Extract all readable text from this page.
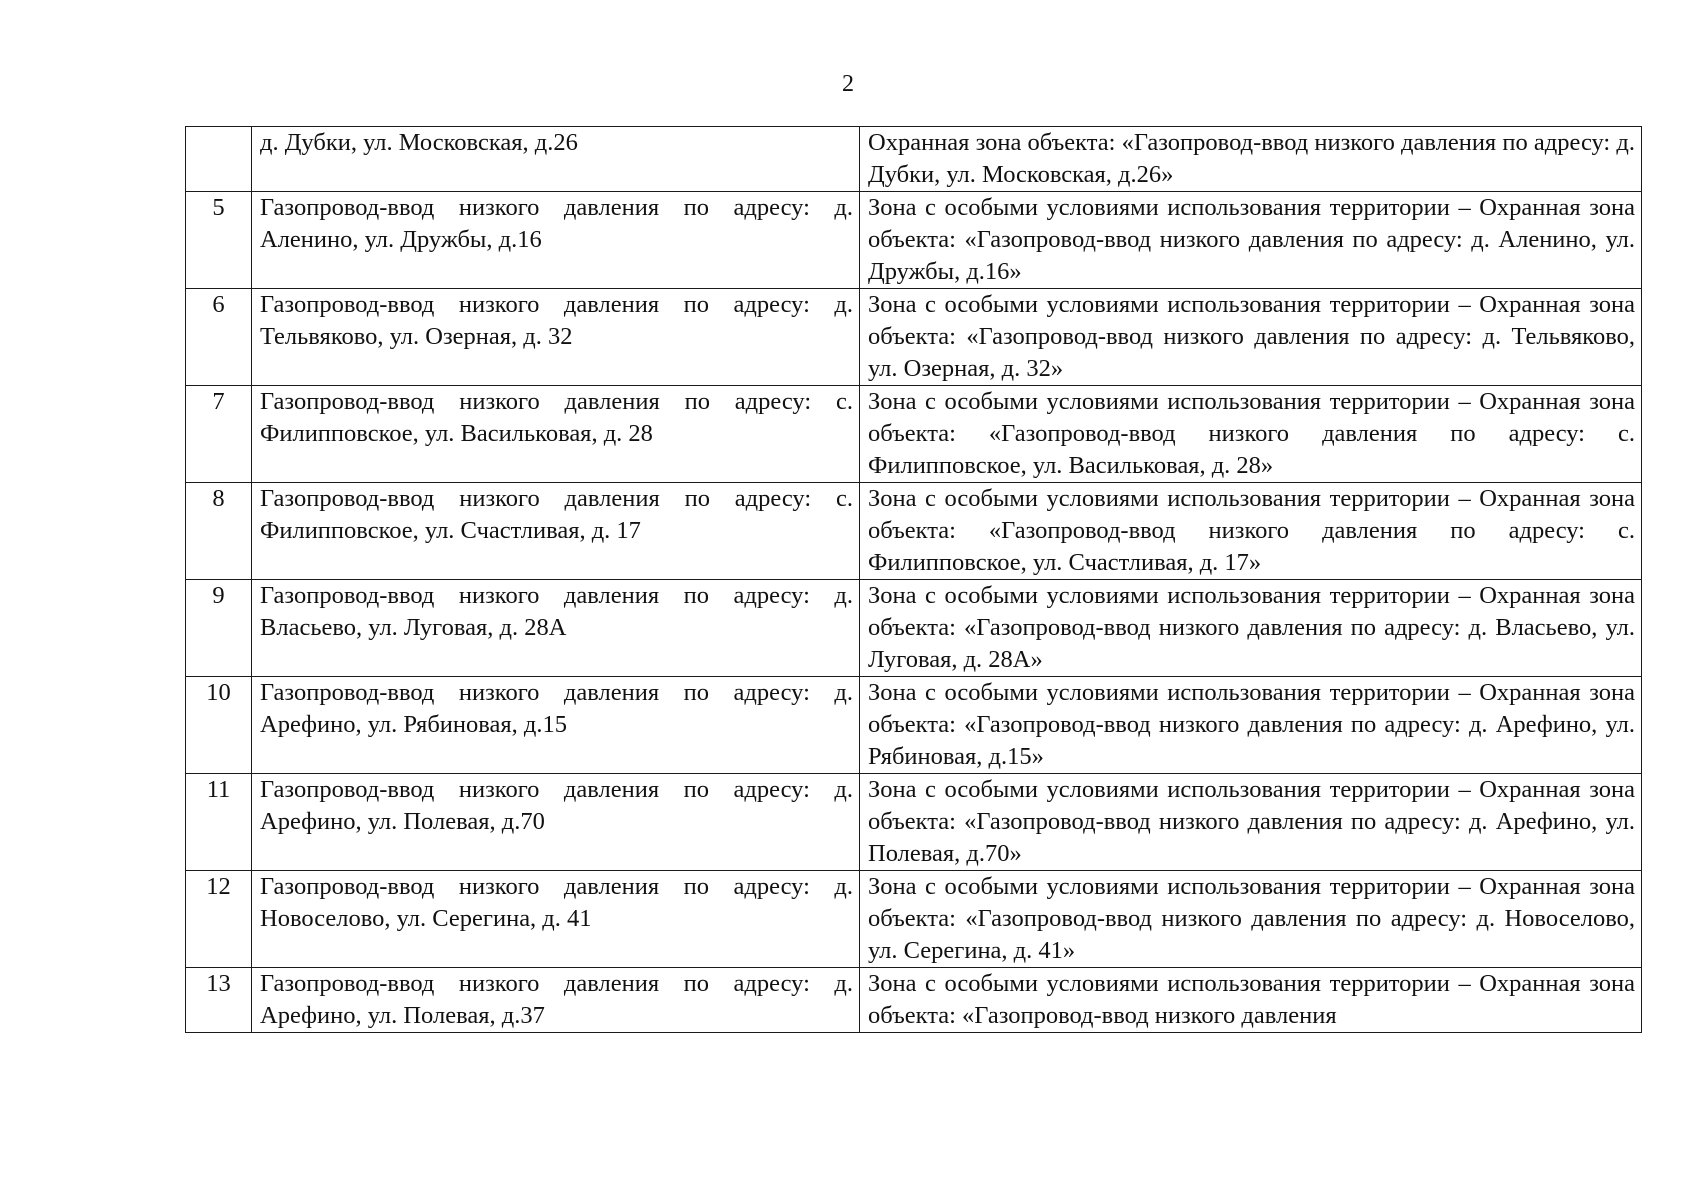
2

	д. Дубки, ул. Московская, д.26	Охранная зона объекта: «Газопровод-ввод низкого давления по адресу: д. Дубки, ул. Московская, д.26»

5	Газопровод-ввод низкого давления по адресу: д. Аленино, ул. Дружбы, д.16	Зона с особыми условиями использования территории – Охранная зона объекта: «Газопровод-ввод низкого давления по адресу: д. Аленино, ул. Дружбы, д.16»

6	Газопровод-ввод низкого давления по адресу: д. Тельвяково, ул. Озерная, д. 32	Зона с особыми условиями использования территории – Охранная зона объекта: «Газопровод-ввод низкого давления по адресу: д. Тельвяково, ул. Озерная, д. 32»

7	Газопровод-ввод низкого давления по адресу: с. Филипповское, ул. Васильковая, д. 28	Зона с особыми условиями использования территории – Охранная зона объекта: «Газопровод-ввод низкого давления по адресу: с. Филипповское, ул. Васильковая, д. 28»

8	Газопровод-ввод низкого давления по адресу: с. Филипповское, ул. Счастливая, д. 17	Зона с особыми условиями использования территории – Охранная зона объекта: «Газопровод-ввод низкого давления по адресу: с. Филипповское, ул. Счастливая, д. 17»

9	Газопровод-ввод низкого давления по адресу: д. Власьево, ул. Луговая, д. 28А	Зона с особыми условиями использования территории – Охранная зона объекта: «Газопровод-ввод низкого давления по адресу: д. Власьево, ул. Луговая, д. 28А»

10	Газопровод-ввод низкого давления по адресу: д. Арефино, ул. Рябиновая, д.15	Зона с особыми условиями использования территории – Охранная зона объекта: «Газопровод-ввод низкого давления по адресу: д. Арефино, ул. Рябиновая, д.15»

11	Газопровод-ввод низкого давления по адресу: д. Арефино, ул. Полевая, д.70	Зона с особыми условиями использования территории – Охранная зона объекта: «Газопровод-ввод низкого давления по адресу: д. Арефино, ул. Полевая, д.70»

12	Газопровод-ввод низкого давления по адресу: д. Новоселово, ул. Серегина, д. 41	Зона с особыми условиями использования территории – Охранная зона объекта: «Газопровод-ввод низкого давления по адресу: д. Новоселово, ул. Серегина, д. 41»

13	Газопровод-ввод низкого давления по адресу: д. Арефино, ул. Полевая, д.37	Зона с особыми условиями использования территории – Охранная зона объекта: «Газопровод-ввод низкого давления
